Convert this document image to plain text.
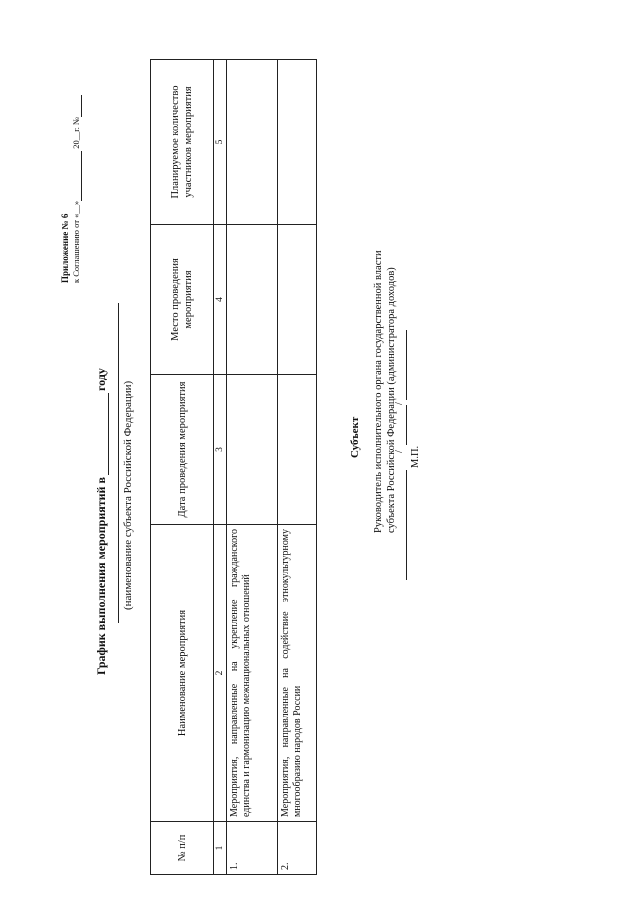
Приложение № 6 к Соглашению от «__» 20__г. №
График выполнения мероприятий вгоду
(наименование субъекта Российской Федерации)
№ п/п	Наименование мероприятия	Дата проведения мероприятия	Место проведения мероприятия	Планируемое количество участников мероприятия
1	2	3	4	5
1.	Мероприятия, направленные на укрепление гражданского единства и гармонизацию межнациональных отношений			
2.	Мероприятия, направленные на содействие этнокультурному многообразию народов России			
Субъект Руководитель исполнительного органа государственной власти субъекта Российской Федерации (администратора доходов)
/
/
М.П.
